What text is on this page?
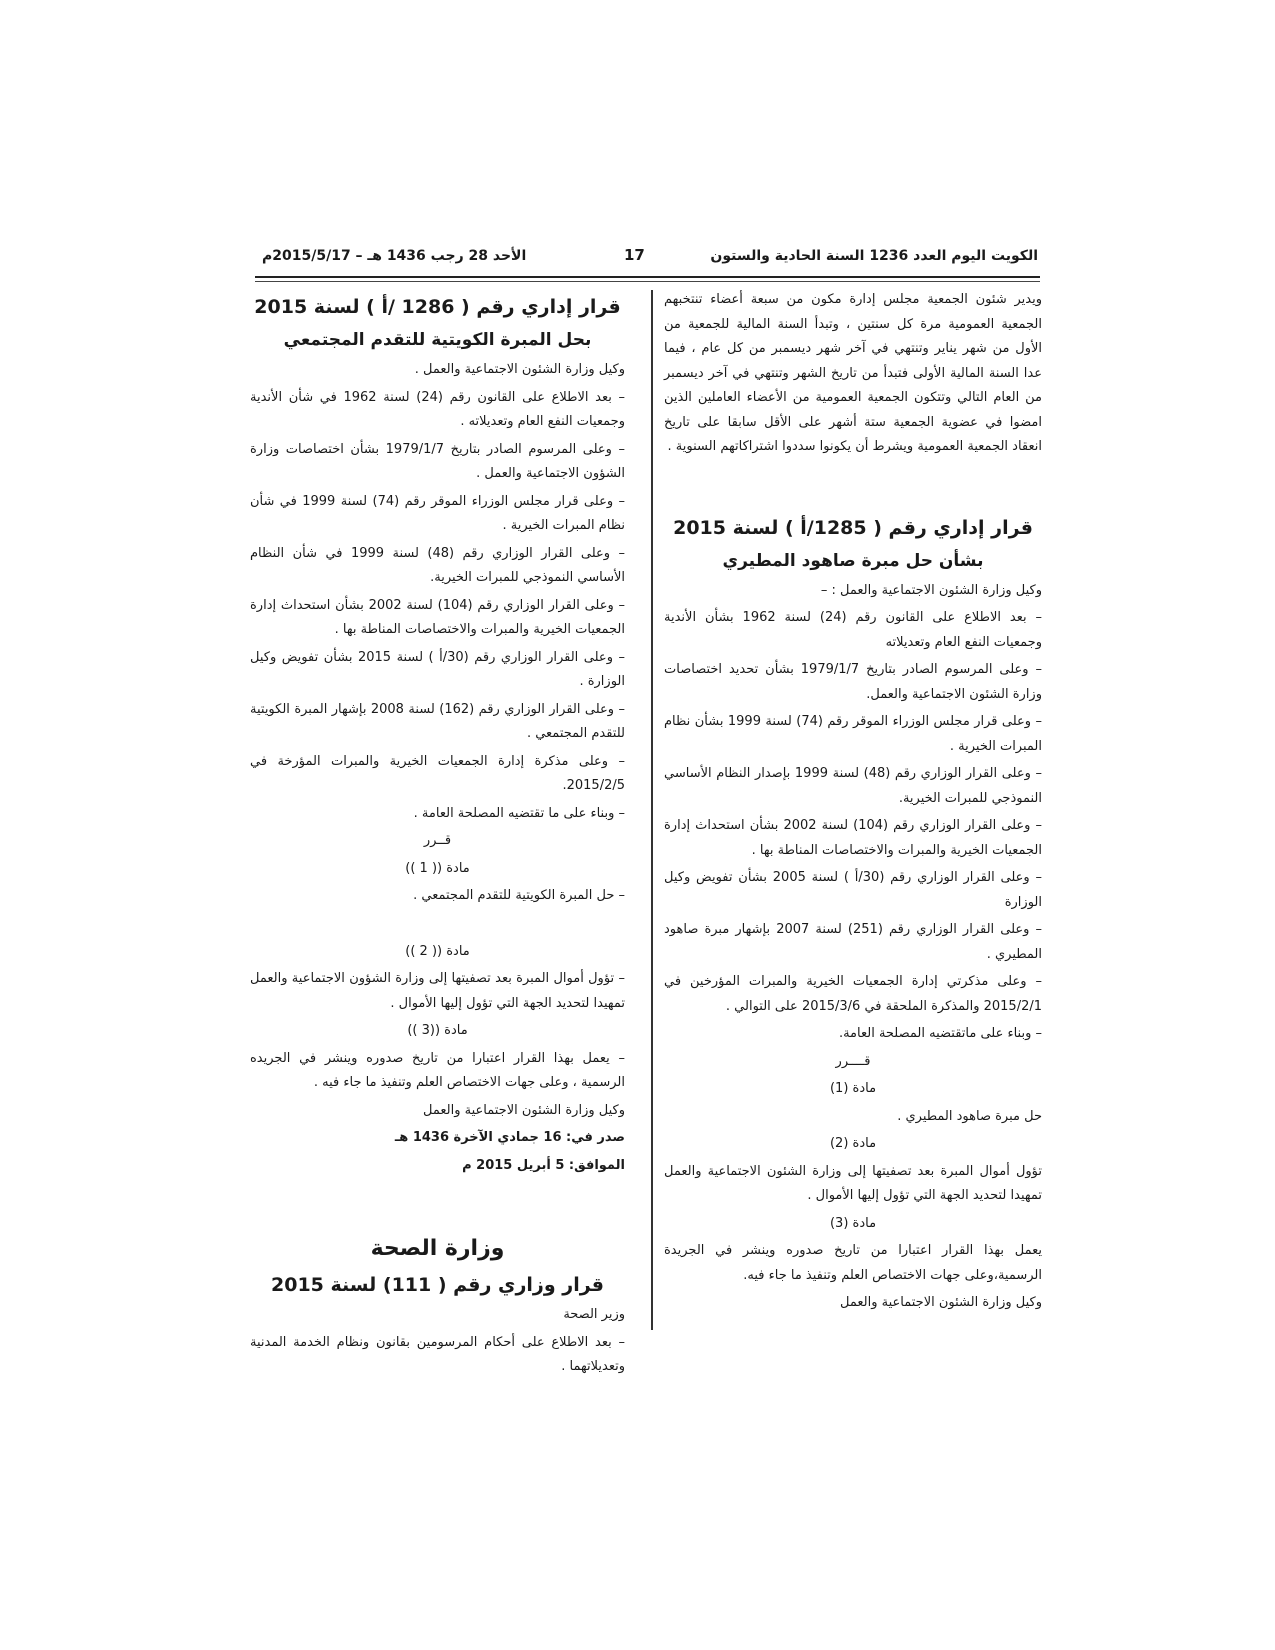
الكويت اليوم العدد 1236 السنة الحادية والستون
17
الأحد 28 رجب 1436 هـ – 2015/5/17م

ويدير شئون الجمعية مجلس إدارة مكون من سبعة أعضاء تنتخبهم الجمعية العمومية مرة كل سنتين ، وتبدأ السنة المالية للجمعية من الأول من شهر يناير وتنتهي في آخر شهر ديسمبر من كل عام ، فيما عدا السنة المالية الأولى فتبدأ من تاريخ الشهر وتنتهي في آخر ديسمبر من العام التالي وتتكون الجمعية العمومية من الأعضاء العاملين الذين امضوا في عضوية الجمعية ستة أشهر على الأقل سابقا على تاريخ انعقاد الجمعية العمومية ويشرط أن يكونوا سددوا اشتراكاتهم السنوية .

قرار إداري رقم ( 1285/أ ) لسنة 2015

بشأن حل مبرة صاهود المطيري

وكيل وزارة الشئون الاجتماعية والعمل : –

– بعد الاطلاع على القانون رقم (24) لسنة 1962 بشأن الأندية وجمعيات النفع العام وتعديلاته

– وعلى المرسوم الصادر بتاريخ 1979/1/7 بشأن تحديد اختصاصات وزارة الشئون الاجتماعية والعمل.

– وعلى قرار مجلس الوزراء الموقر رقم (74) لسنة 1999 بشأن نظام المبرات الخيرية .

– وعلى القرار الوزاري رقم (48) لسنة 1999 بإصدار النظام الأساسي النموذجي للمبرات الخيرية.

– وعلى القرار الوزاري رقم (104) لسنة 2002 بشأن استحداث إدارة الجمعيات الخيرية والمبرات والاختصاصات المناطة بها .

– وعلى القرار الوزاري رقم (30/أ ) لسنة 2005 بشأن تفويض وكيل الوزارة

– وعلى القرار الوزاري رقم (251) لسنة 2007 بإشهار مبرة صاهود المطيري .

– وعلى مذكرتي إدارة الجمعيات الخيرية والمبرات المؤرخين في 2015/2/1 والمذكرة الملحقة في 2015/3/6 على التوالي .

– وبناء على ماتقتضيه المصلحة العامة.

قــــرر

مادة (1)

حل مبرة صاهود المطيري .

مادة (2)

تؤول أموال المبرة بعد تصفيتها إلى وزارة الشئون الاجتماعية والعمل تمهيدا لتحديد الجهة التي تؤول إليها الأموال .

مادة (3)

يعمل بهذا القرار اعتبارا من تاريخ صدوره وينشر في الجريدة الرسمية،وعلى جهات الاختصاص العلم وتنفيذ ما جاء فيه.

وكيل وزارة الشئون الاجتماعية والعمل

قرار إداري رقم ( 1286 /أ ) لسنة 2015

بحل المبرة الكويتية للتقدم المجتمعي

وكيل وزارة الشئون الاجتماعية والعمل .

– بعد الاطلاع على القانون رقم (24) لسنة 1962 في شأن الأندية وجمعيات النفع العام وتعديلاته .

– وعلى المرسوم الصادر بتاريخ 1979/1/7 بشأن اختصاصات وزارة الشؤون الاجتماعية والعمل .

– وعلى قرار مجلس الوزراء الموقر رقم (74) لسنة 1999 في شأن نظام المبرات الخيرية .

– وعلى القرار الوزاري رقم (48) لسنة 1999 في شأن النظام الأساسي النموذجي للمبرات الخيرية.

– وعلى القرار الوزاري رقم (104) لسنة 2002 بشأن استحداث إدارة الجمعيات الخيرية والمبرات والاختصاصات المناطة بها .

– وعلى القرار الوزاري رقم (30/أ ) لسنة 2015 بشأن تفويض وكيل الوزارة .

– وعلى القرار الوزاري رقم (162) لسنة 2008 بإشهار المبرة الكويتية للتقدم المجتمعي .

– وعلى مذكرة إدارة الجمعيات الخيرية والمبرات المؤرخة في 2015/2/5.

– وبناء على ما تقتضيه المصلحة العامة .

قــرر

مادة (( 1 ))

– حل المبرة الكويتية للتقدم المجتمعي .

مادة (( 2 ))

– تؤول أموال المبرة بعد تصفيتها إلى وزارة الشؤون الاجتماعية والعمل تمهيدا لتحديد الجهة التي تؤول إليها الأموال .

مادة ((3 ))

– يعمل بهذا القرار اعتبارا من تاريخ صدوره وينشر في الجريده الرسمية ، وعلى جهات الاختصاص العلم وتنفيذ ما جاء فيه .

وكيل وزارة الشئون الاجتماعية والعمل

صدر في: 16 جمادي الآخرة 1436 هـ

الموافق: 5 أبريل 2015 م

وزارة الصحة

قرار وزاري رقم ( 111) لسنة 2015

وزير الصحة

– بعد الاطلاع على أحكام المرسومين بقانون ونظام الخدمة المدنية وتعديلاتهما .
